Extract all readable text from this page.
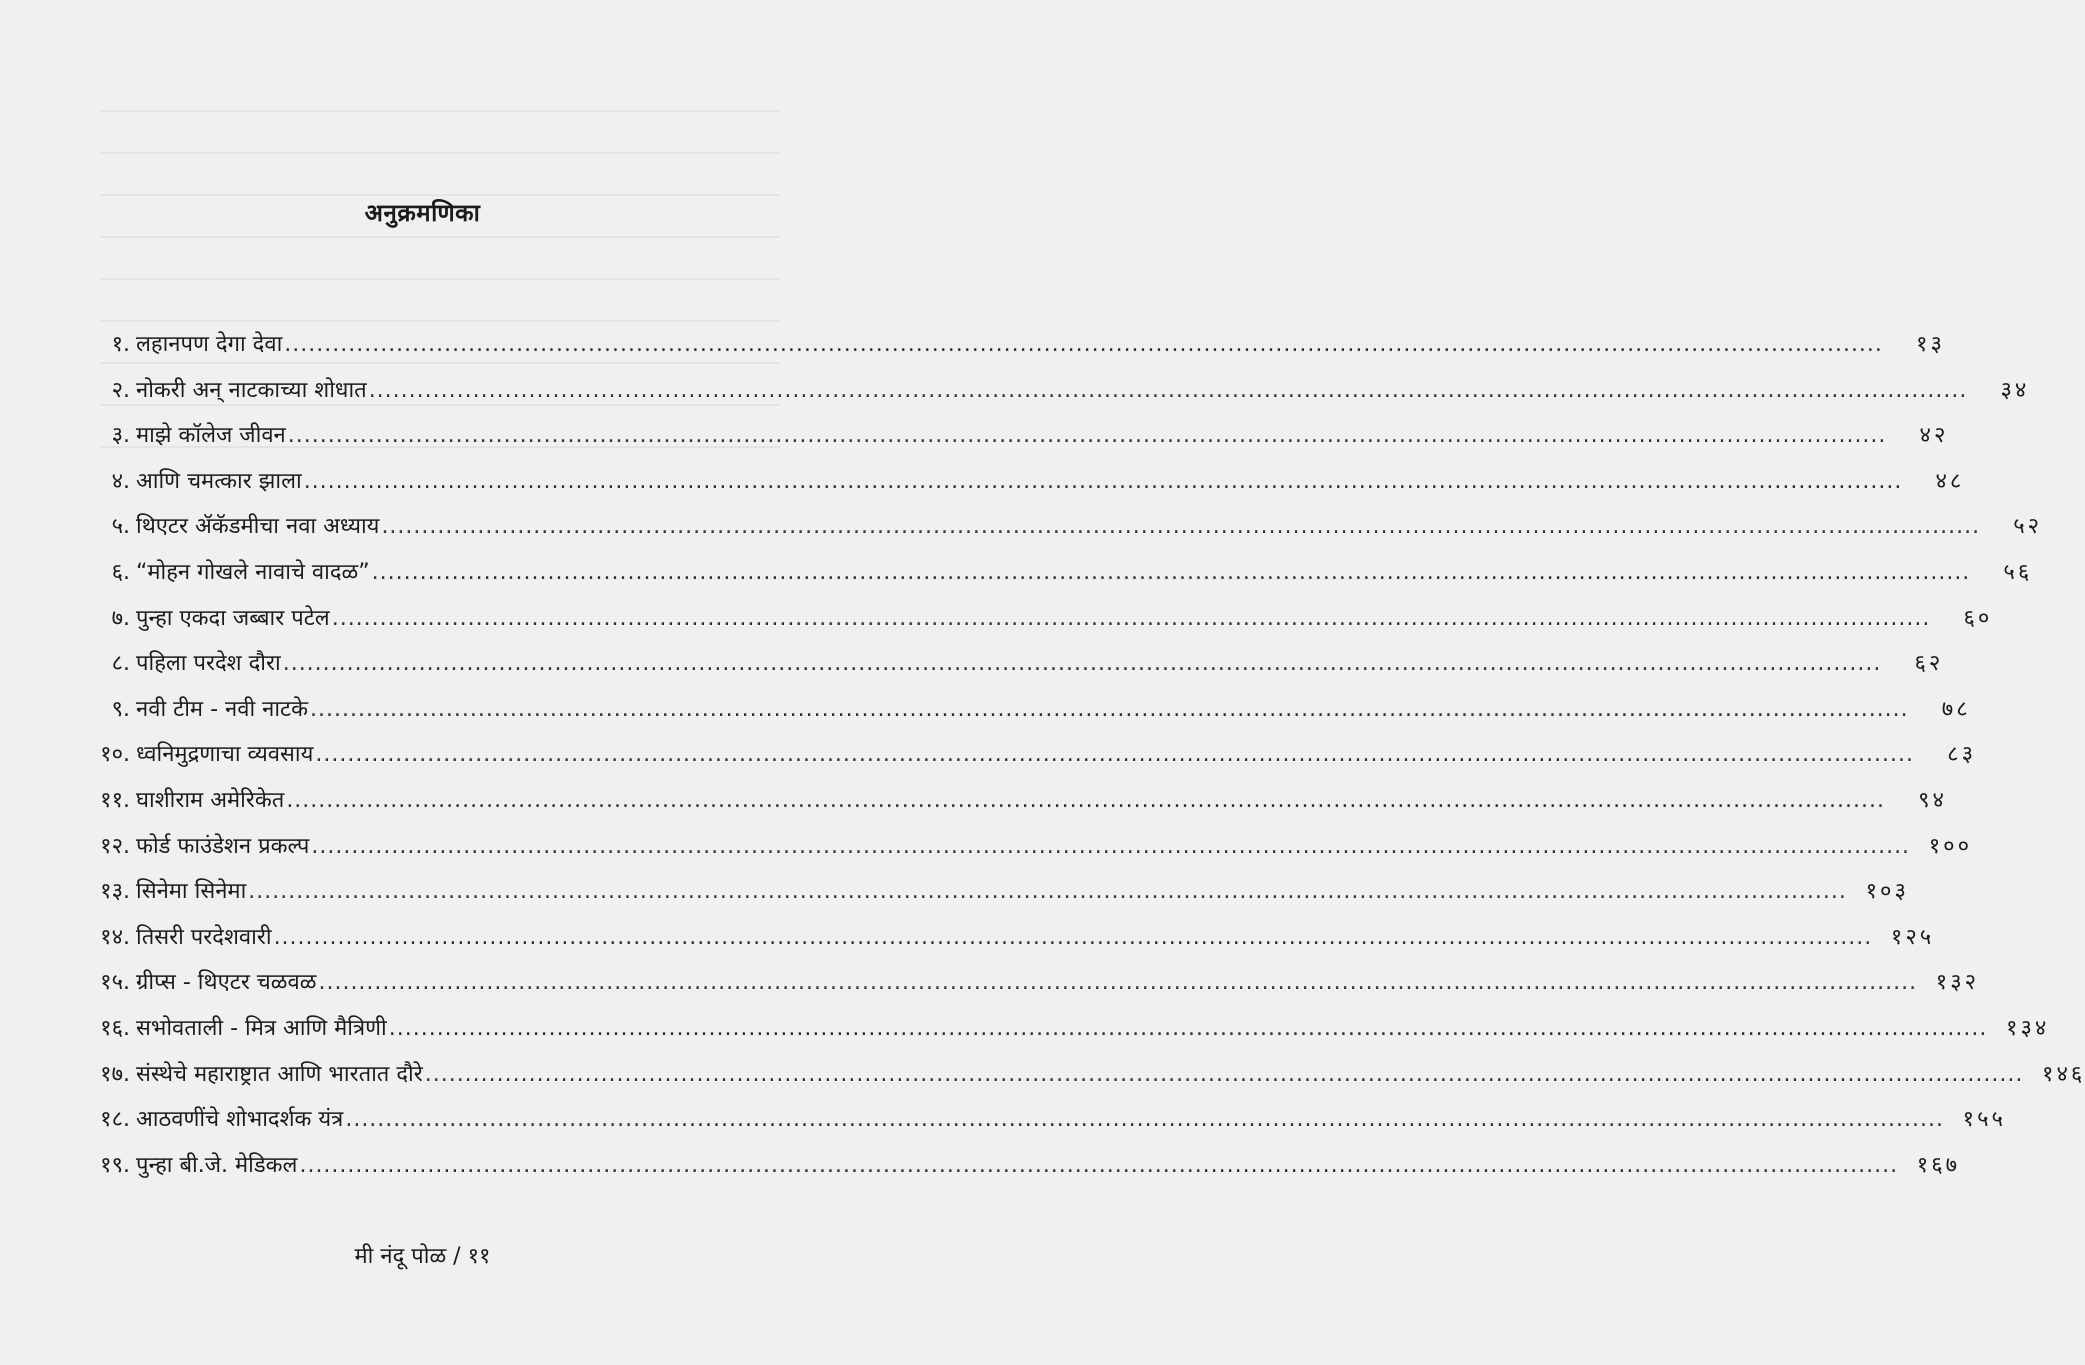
अनुक्रमणिका
१. लहानपण देगा देवा ........................................................................................................................................................................................................	१३
२. नोकरी अन् नाटकाच्या शोधात ........................................................................................................................................................................................................	३४
३. माझे कॉलेज जीवन ........................................................................................................................................................................................................	४२
४. आणि चमत्कार झाला ........................................................................................................................................................................................................	४८
५. थिएटर ॲकॅडमीचा नवा अध्याय ........................................................................................................................................................................................................	५२
६. “मोहन गोखले नावाचे वादळ” ........................................................................................................................................................................................................	५६
७. पुन्हा एकदा जब्बार पटेल ........................................................................................................................................................................................................	६०
८. पहिला परदेश दौरा ........................................................................................................................................................................................................	६२
९. नवी टीम - नवी नाटके ........................................................................................................................................................................................................	७८
१०. ध्वनिमुद्रणाचा व्यवसाय ........................................................................................................................................................................................................	८३
११. घाशीराम अमेरिकेत ........................................................................................................................................................................................................	९४
१२. फोर्ड फाउंडेशन प्रकल्प ........................................................................................................................................................................................................ १००
१३. सिनेमा सिनेमा ........................................................................................................................................................................................................ १०३
१४. तिसरी परदेशवारी ........................................................................................................................................................................................................ १२५
१५. ग्रीप्स - थिएटर चळवळ ........................................................................................................................................................................................................ १३२
१६. सभोवताली - मित्र आणि मैत्रिणी ........................................................................................................................................................................................................ १३४
१७. संस्थेचे महाराष्ट्रात आणि भारतात दौरे ........................................................................................................................................................................................................ १४६
१८. आठवणींचे शोभादर्शक यंत्र ........................................................................................................................................................................................................ १५५
१९. पुन्हा बी.जे. मेडिकल ........................................................................................................................................................................................................ १६७
मी नंदू पोळ / ११
